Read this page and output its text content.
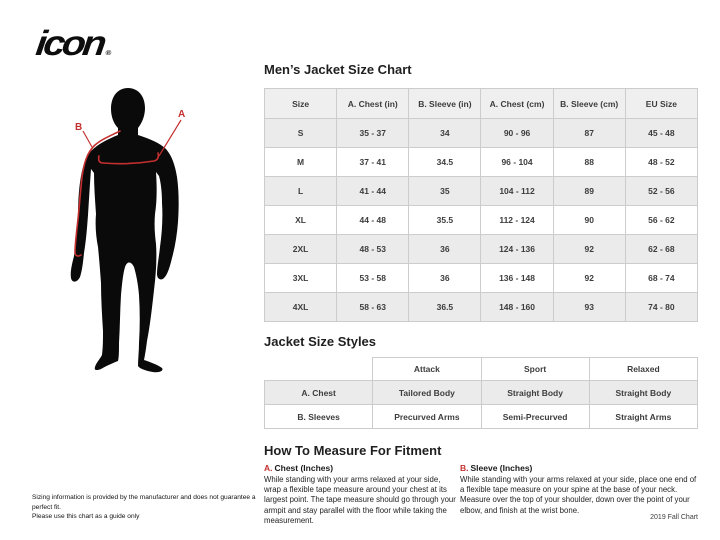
icon®
A
B
Men’s Jacket Size Chart
Size	A. Chest (in)	B. Sleeve (in)	A. Chest (cm)	B. Sleeve (cm)	EU Size
S	35 - 37	34	90 - 96	87	45 - 48
M	37 - 41	34.5	96 - 104	88	48 - 52
L	41 - 44	35	104 - 112	89	52 - 56
XL	44 - 48	35.5	112 - 124	90	56 - 62
2XL	48 - 53	36	124 - 136	92	62 - 68
3XL	53 - 58	36	136 - 148	92	68 - 74
4XL	58 - 63	36.5	148 - 160	93	74 - 80
Jacket Size Styles
	Attack	Sport	Relaxed
A. Chest	Tailored Body	Straight Body	Straight Body
B. Sleeves	Precurved Arms	Semi-Precurved	Straight Arms
How To Measure For Fitment
A. Chest (Inches)

While standing with your arms relaxed at your side, wrap a flexible tape measure around your chest at its largest point. The tape measure should go through your armpit and stay parallel with the floor while taking the measurement.

B. Sleeve (Inches)

While standing with your arms relaxed at your side, place one end of a flexible tape measure on your spine at the base of your neck. Measure over the top of your shoulder, down over the point of your elbow, and finish at the wrist bone.

Sizing information is provided by the manufacturer and does not guarantee a perfect fit.
Please use this chart as a guide only	2019 Fall Chart
